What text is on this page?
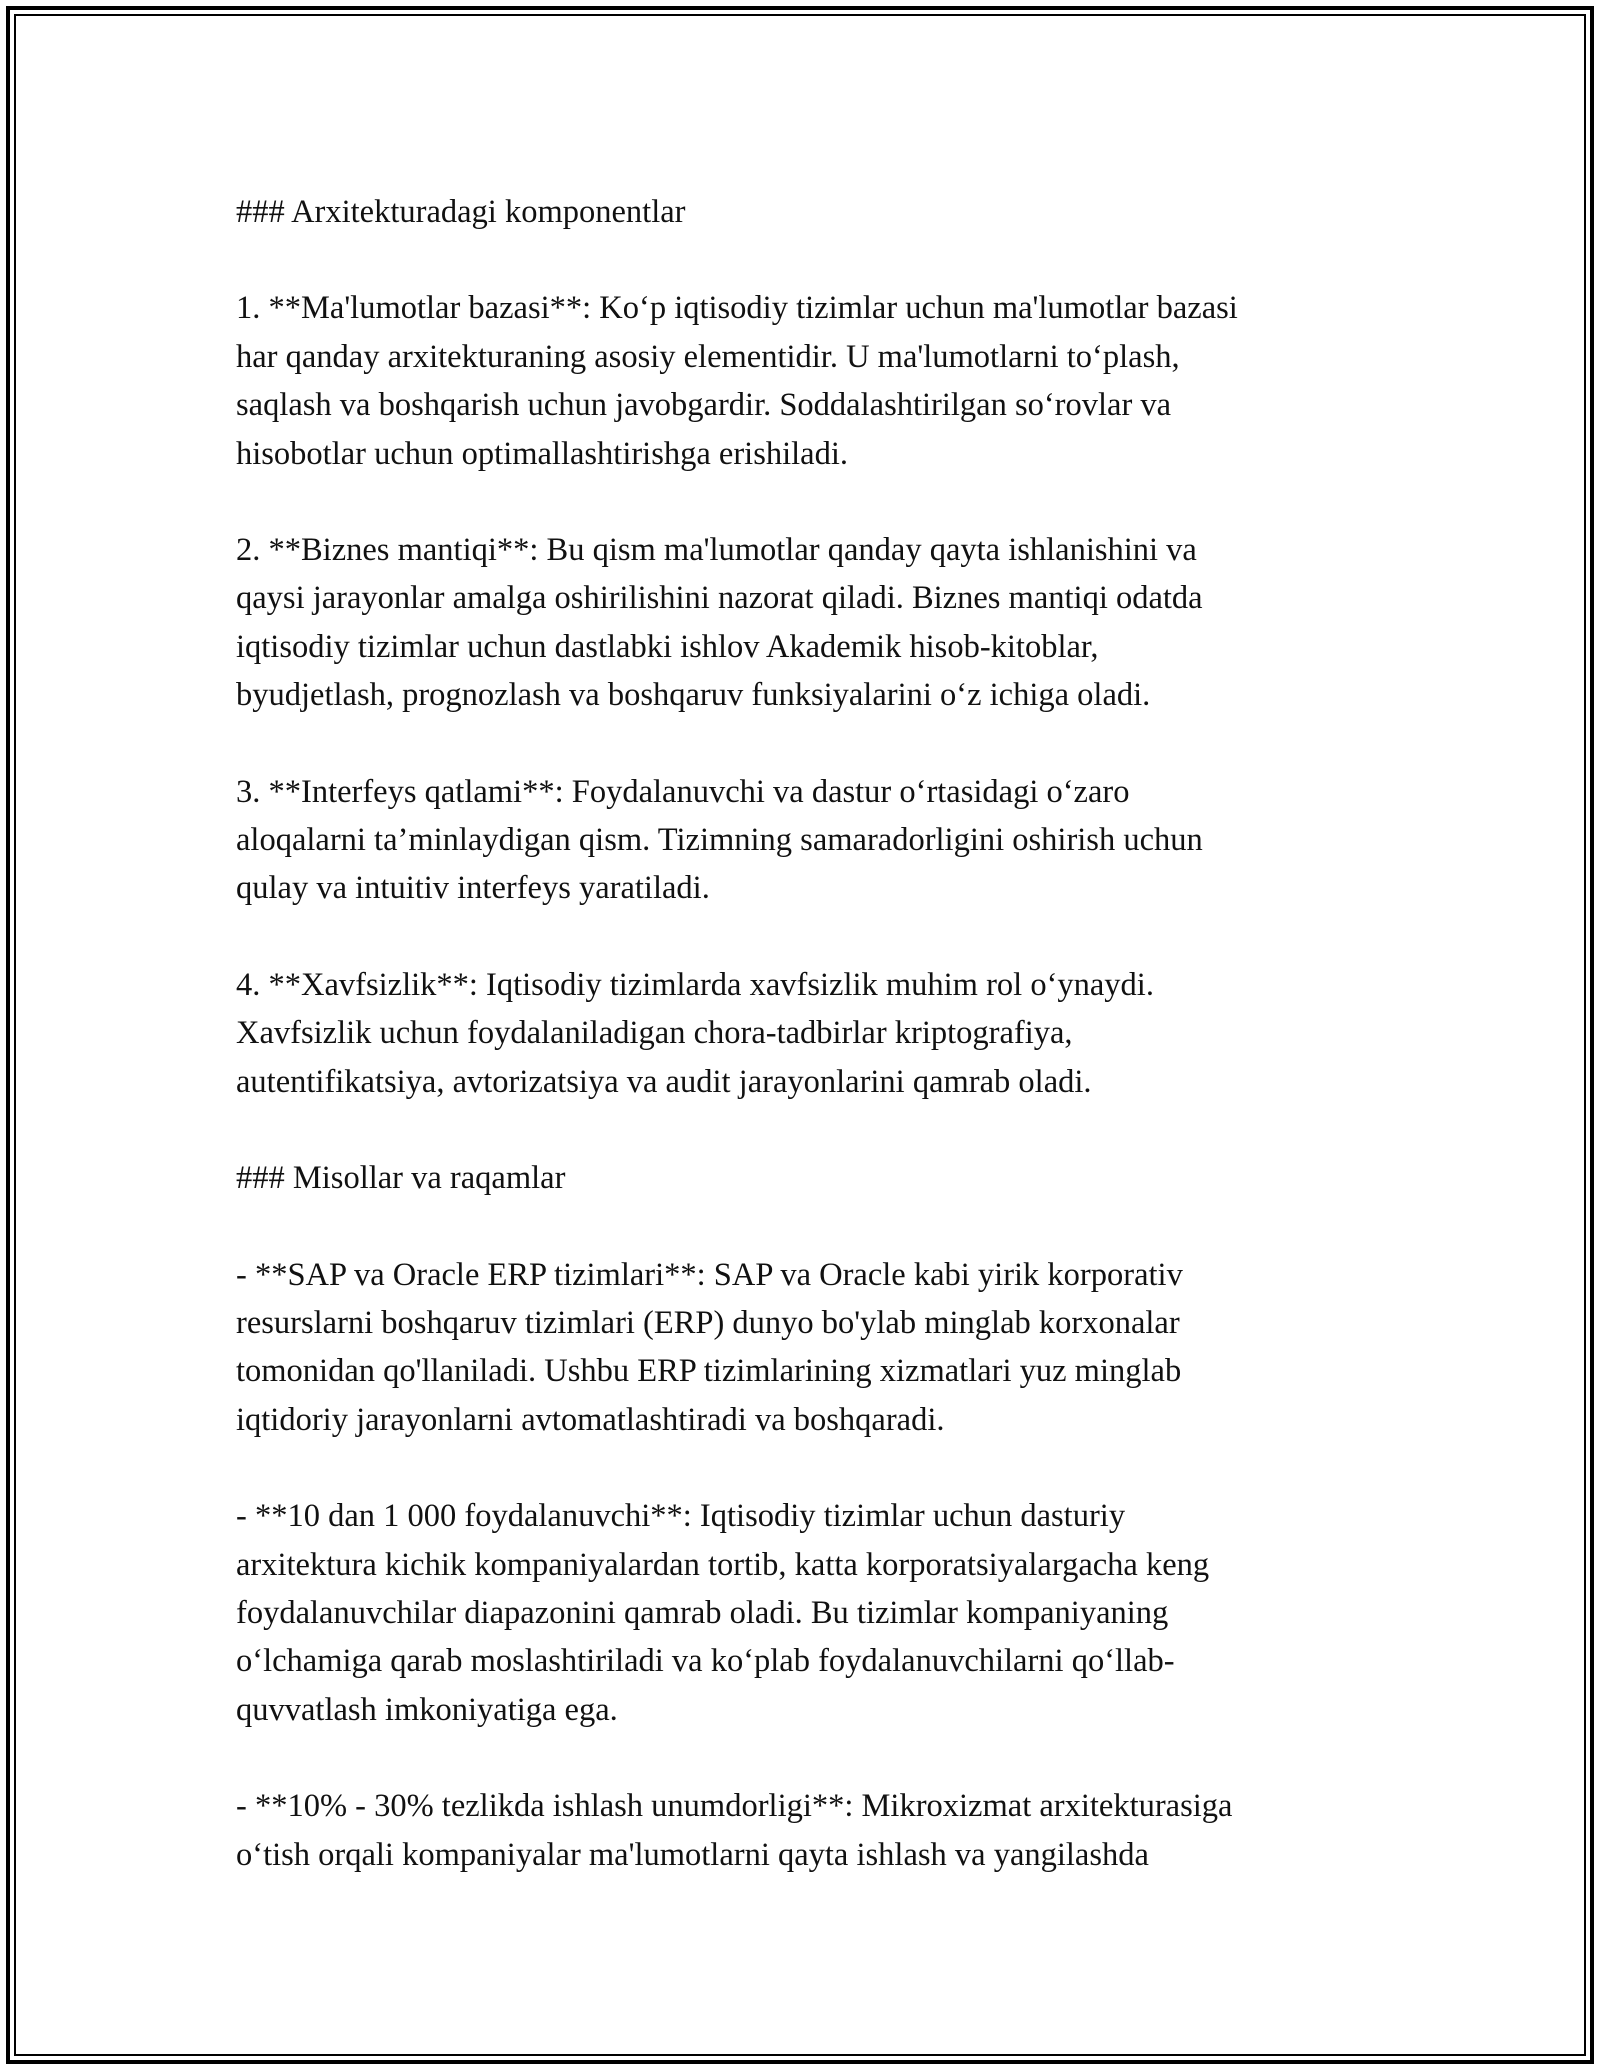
### Arxitekturadagi komponentlar
1. **Ma'lumotlar bazasi**: Ko‘p iqtisodiy tizimlar uchun ma'lumotlar bazasi
har qanday arxitekturaning asosiy elementidir. U ma'lumotlarni to‘plash,
saqlash va boshqarish uchun javobgardir. Soddalashtirilgan so‘rovlar va
hisobotlar uchun optimallashtirishga erishiladi.
2. **Biznes mantiqi**: Bu qism ma'lumotlar qanday qayta ishlanishini va
qaysi jarayonlar amalga oshirilishini nazorat qiladi. Biznes mantiqi odatda
iqtisodiy tizimlar uchun dastlabki ishlov Akademik hisob-kitoblar,
byudjetlash, prognozlash va boshqaruv funksiyalarini o‘z ichiga oladi.
3. **Interfeys qatlami**: Foydalanuvchi va dastur o‘rtasidagi o‘zaro
aloqalarni ta’minlaydigan qism. Tizimning samaradorligini oshirish uchun
qulay va intuitiv interfeys yaratiladi.
4. **Xavfsizlik**: Iqtisodiy tizimlarda xavfsizlik muhim rol o‘ynaydi.
Xavfsizlik uchun foydalaniladigan chora-tadbirlar kriptografiya,
autentifikatsiya, avtorizatsiya va audit jarayonlarini qamrab oladi.
### Misollar va raqamlar
- **SAP va Oracle ERP tizimlari**: SAP va Oracle kabi yirik korporativ
resurslarni boshqaruv tizimlari (ERP) dunyo bo'ylab minglab korxonalar
tomonidan qo'llaniladi. Ushbu ERP tizimlarining xizmatlari yuz minglab
iqtidoriy jarayonlarni avtomatlashtiradi va boshqaradi.
- **10 dan 1 000 foydalanuvchi**: Iqtisodiy tizimlar uchun dasturiy
arxitektura kichik kompaniyalardan tortib, katta korporatsiyalargacha keng
foydalanuvchilar diapazonini qamrab oladi. Bu tizimlar kompaniyaning
o‘lchamiga qarab moslashtiriladi va ko‘plab foydalanuvchilarni qo‘llab-
quvvatlash imkoniyatiga ega.
- **10% - 30% tezlikda ishlash unumdorligi**: Mikroxizmat arxitekturasiga
o‘tish orqali kompaniyalar ma'lumotlarni qayta ishlash va yangilashda
